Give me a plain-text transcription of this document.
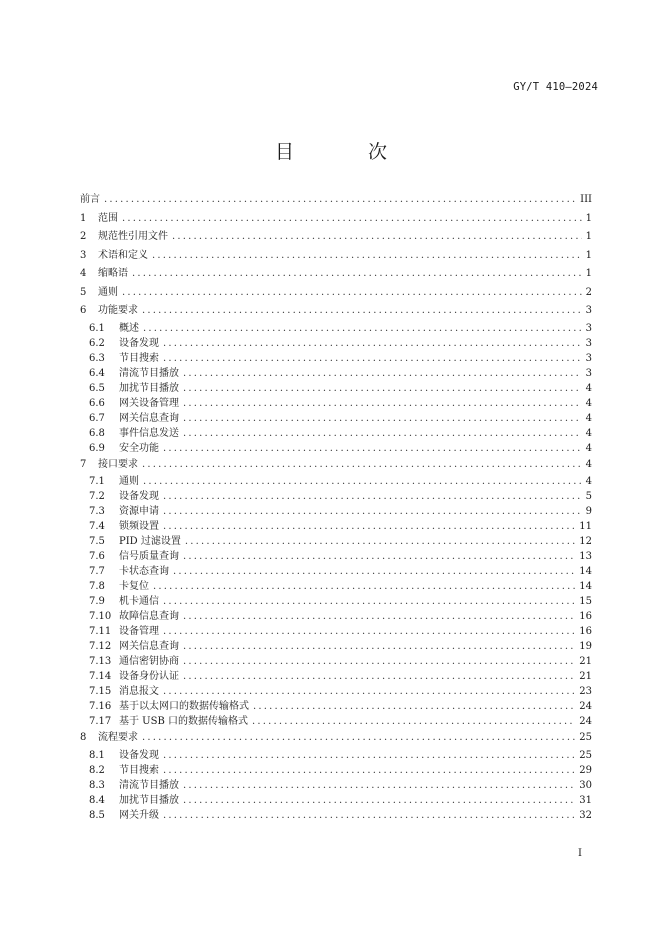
GY/T 410—2024
目 次
前言 .....	III
1	范围 .....	1
2	规范性引用文件 .....	1
3	术语和定义 .....	1
4	缩略语 .....	1
5	通则 .....	2
6	功能要求 .....	3
6.1	概述 .....	3
6.2	设备发现 .....	3
6.3	节目搜索 .....	3
6.4	清流节目播放 .....	3
6.5	加扰节目播放 .....	4
6.6	网关设备管理 .....	4
6.7	网关信息查询 .....	4
6.8	事件信息发送 .....	4
6.9	安全功能 .....	4
7	接口要求 .....	4
7.1	通则 .....	4
7.2	设备发现 .....	5
7.3	资源申请 .....	9
7.4	锁频设置 .....	11
7.5	PID 过滤设置 .....	12
7.6	信号质量查询 .....	13
7.7	卡状态查询 .....	14
7.8	卡复位 .....	14
7.9	机卡通信 .....	15
7.10 故障信息查询 .....	16
7.11 设备管理 .....	16
7.12 网关信息查询 .....	19
7.13 通信密钥协商 .....	21
7.14 设备身份认证 .....	21
7.15 消息报文 .....	23
7.16 基于以太网口的数据传输格式 .....	24
7.17 基于 USB 口的数据传输格式 .....	24
8	流程要求 .....	25
8.1	设备发现 .....	25
8.2	节目搜索 .....	29
8.3	清流节目播放 .....	30
8.4	加扰节目播放 .....	31
8.5	网关升级 .....	32
I
